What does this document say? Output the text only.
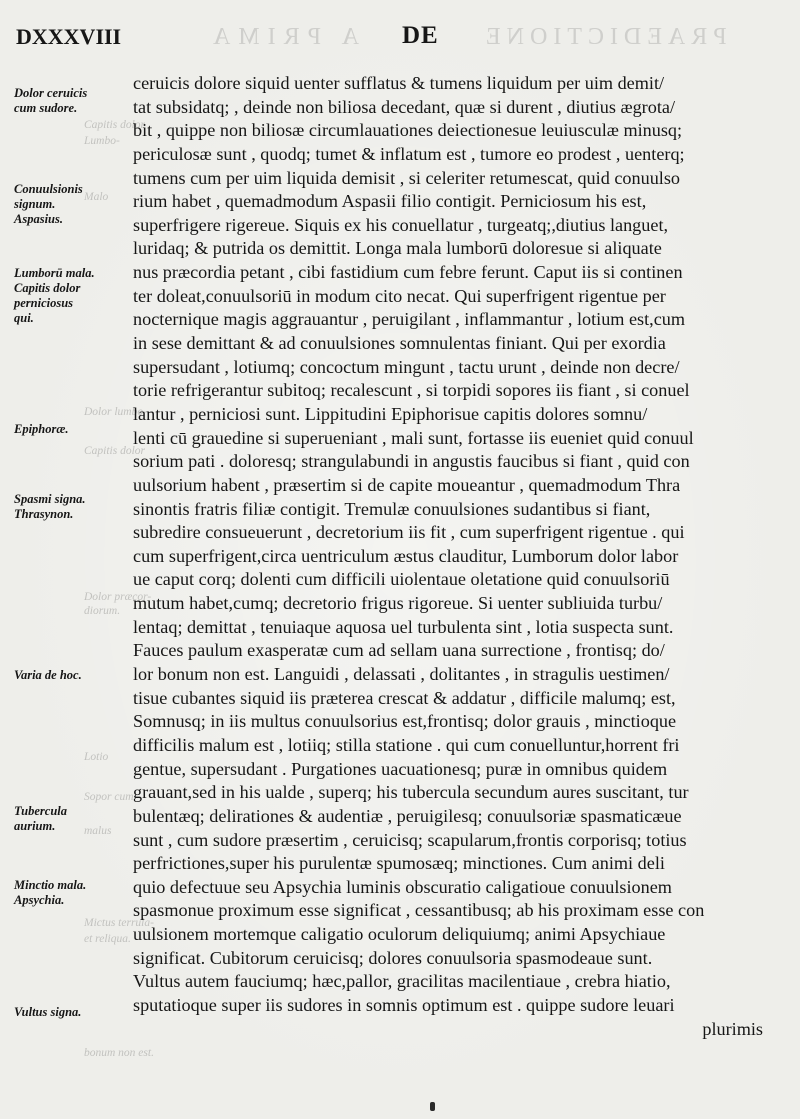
DXXXVIII	A PRIMA DE PRAEDICTIONE
Capitis dolor
Lumbo-
Malo
Dolor lumbo-
Capitis dolor
Dolor præcor-
diorum.
Lotio
Sopor cum
malus
Mictus terrula-
et reliqua.
bonum non est.
Dolor ceruicis
cum sudore.
Conuulsionis
signum.
Aspasius.
Lumborū mala.
Capitis dolor
perniciosus
qui.
Epiphoræ.
Spasmi signa.
Thrasynon.
Varia de hoc.
Tubercula
aurium.
Minctio mala.
Apsychia.
Vultus signa.
ceruicis dolore siquid uenter sufflatus & tumens liquidum per uim demit/
tat subsidatq; , deinde non biliosa decedant, quæ si durent , diutius ægrota/
bit , quippe non biliosæ circumlauationes deiectionesue leuiusculæ minusq;
periculosæ sunt , quodq; tumet & inflatum est , tumore eo prodest , uenterq;
tumens cum per uim liquida demisit , si celeriter retumescat, quid conuulso
rium habet , quemadmodum Aspasii filio contigit. Perniciosum his est,
superfrigere rigereue. Siquis ex his conuellatur , turgeatq;,diutius languet,
luridaq; & putrida os demittit. Longa mala lumborū doloresue si aliquate
nus præcordia petant , cibi fastidium cum febre ferunt. Caput iis si continen
ter doleat,conuulsoriū in modum cito necat. Qui superfrigent rigentue per
nocternique magis aggrauantur , peruigilant , inflammantur , lotium est,cum
in sese demittant & ad conuulsiones somnulentas finiant. Qui per exordia
supersudant , lotiumq; concoctum mingunt , tactu urunt , deinde non decre/
torie refrigerantur subitoq; recalescunt , si torpidi sopores iis fiant , si conuel
lantur , perniciosi sunt. Lippitudini Epiphorisue capitis dolores somnu/
lenti cū grauedine si superueniant , mali sunt, fortasse iis eueniet quid conuul
sorium pati . doloresq; strangulabundi in angustis faucibus si fiant , quid con
uulsorium habent , præsertim si de capite moueantur , quemadmodum Thra
sinontis fratris filiæ contigit. Tremulæ conuulsiones sudantibus si fiant,
subredire consueuerunt , decretorium iis fit , cum superfrigent rigentue . qui
cum superfrigent,circa uentriculum æstus clauditur, Lumborum dolor labor
ue caput corq; dolenti cum difficili uiolentaue oletatione quid conuulsoriū
mutum habet,cumq; decretorio frigus rigoreue. Si uenter subliuida turbu/
lentaq; demittat , tenuiaque aquosa uel turbulenta sint , lotia suspecta sunt.
Fauces paulum exasperatæ cum ad sellam uana surrectione , frontisq; do/
lor bonum non est. Languidi , delassati , dolitantes , in stragulis uestimen/
tisue cubantes siquid iis præterea crescat & addatur , difficile malumq; est,
Somnusq; in iis multus conuulsorius est,frontisq; dolor grauis , minctioque
difficilis malum est , lotiiq; stilla statione . qui cum conuelluntur,horrent fri
gentue, supersudant . Purgationes uacuationesq; puræ in omnibus quidem
grauant,sed in his ualde , superq; his tubercula secundum aures suscitant, tur
bulentæq; delirationes & audentiæ , peruigilesq; conuulsoriæ spasmaticæue
sunt , cum sudore præsertim , ceruicisq; scapularum,frontis corporisq; totius
perfrictiones,super his purulentæ spumosæq; minctiones. Cum animi deli
quio defectuue seu Apsychia luminis obscuratio caligatioue conuulsionem
spasmonue proximum esse significat , cessantibusq; ab his proximam esse con
uulsionem mortemque caligatio oculorum deliquiumq; animi Apsychiaue
significat. Cubitorum ceruicisq; dolores conuulsoria spasmodeaue sunt.
Vultus autem fauciumq; hæc,pallor, gracilitas macilentiaue , crebra hiatio,
sputatioque super iis sudores in somnis optimum est . quippe sudore leuari
plurimis
